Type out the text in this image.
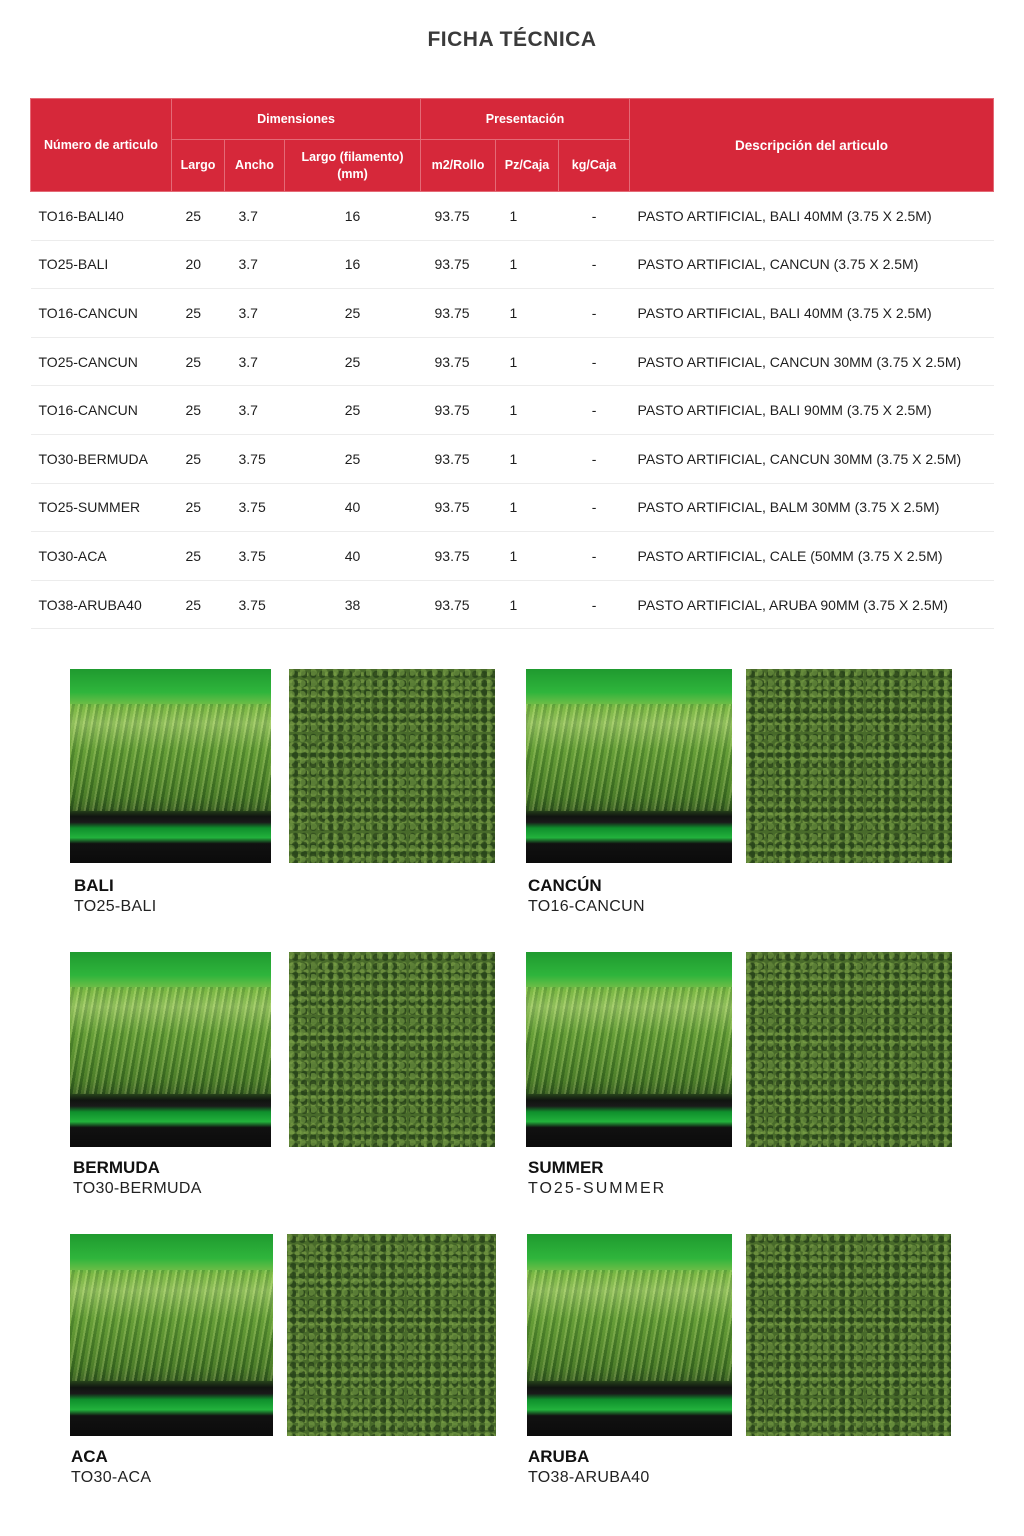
FICHA TÉCNICA
Número de articulo	Dimensiones			Presentación			Descripción del articulo
	Largo	Ancho	Largo (filamento)(mm)	m2/Rollo	Pz/Caja	kg/Caja	
TO16-BALI40	25	3.7	16	93.75	1	-	PASTO ARTIFICIAL, BALI 40MM (3.75 X 2.5M)
TO25-BALI	20	3.7	16	93.75	1	-	PASTO ARTIFICIAL, CANCUN (3.75 X 2.5M)
TO16-CANCUN	25	3.7	25	93.75	1	-	PASTO ARTIFICIAL, BALI 40MM (3.75 X 2.5M)
TO25-CANCUN	25	3.7	25	93.75	1	-	PASTO ARTIFICIAL, CANCUN 30MM (3.75 X 2.5M)
TO16-CANCUN	25	3.7	25	93.75	1	-	PASTO ARTIFICIAL, BALI 90MM (3.75 X 2.5M)
TO30-BERMUDA	25	3.75	25	93.75	1	-	PASTO ARTIFICIAL, CANCUN 30MM (3.75 X 2.5M)
TO25-SUMMER	25	3.75	40	93.75	1	-	PASTO ARTIFICIAL, BALM 30MM (3.75 X 2.5M)
TO30-ACA	25	3.75	40	93.75	1	-	PASTO ARTIFICIAL, CALE (50MM (3.75 X 2.5M)
TO38-ARUBA40	25	3.75	38	93.75	1	-	PASTO ARTIFICIAL, ARUBA 90MM (3.75 X 2.5M)
BALI
TO25-BALI
CANCÚN
TO16-CANCUN
BERMUDA
TO30-BERMUDA
SUMMER
TO25-SUMMER
ACA
TO30-ACA
ARUBA
TO38-ARUBA40
